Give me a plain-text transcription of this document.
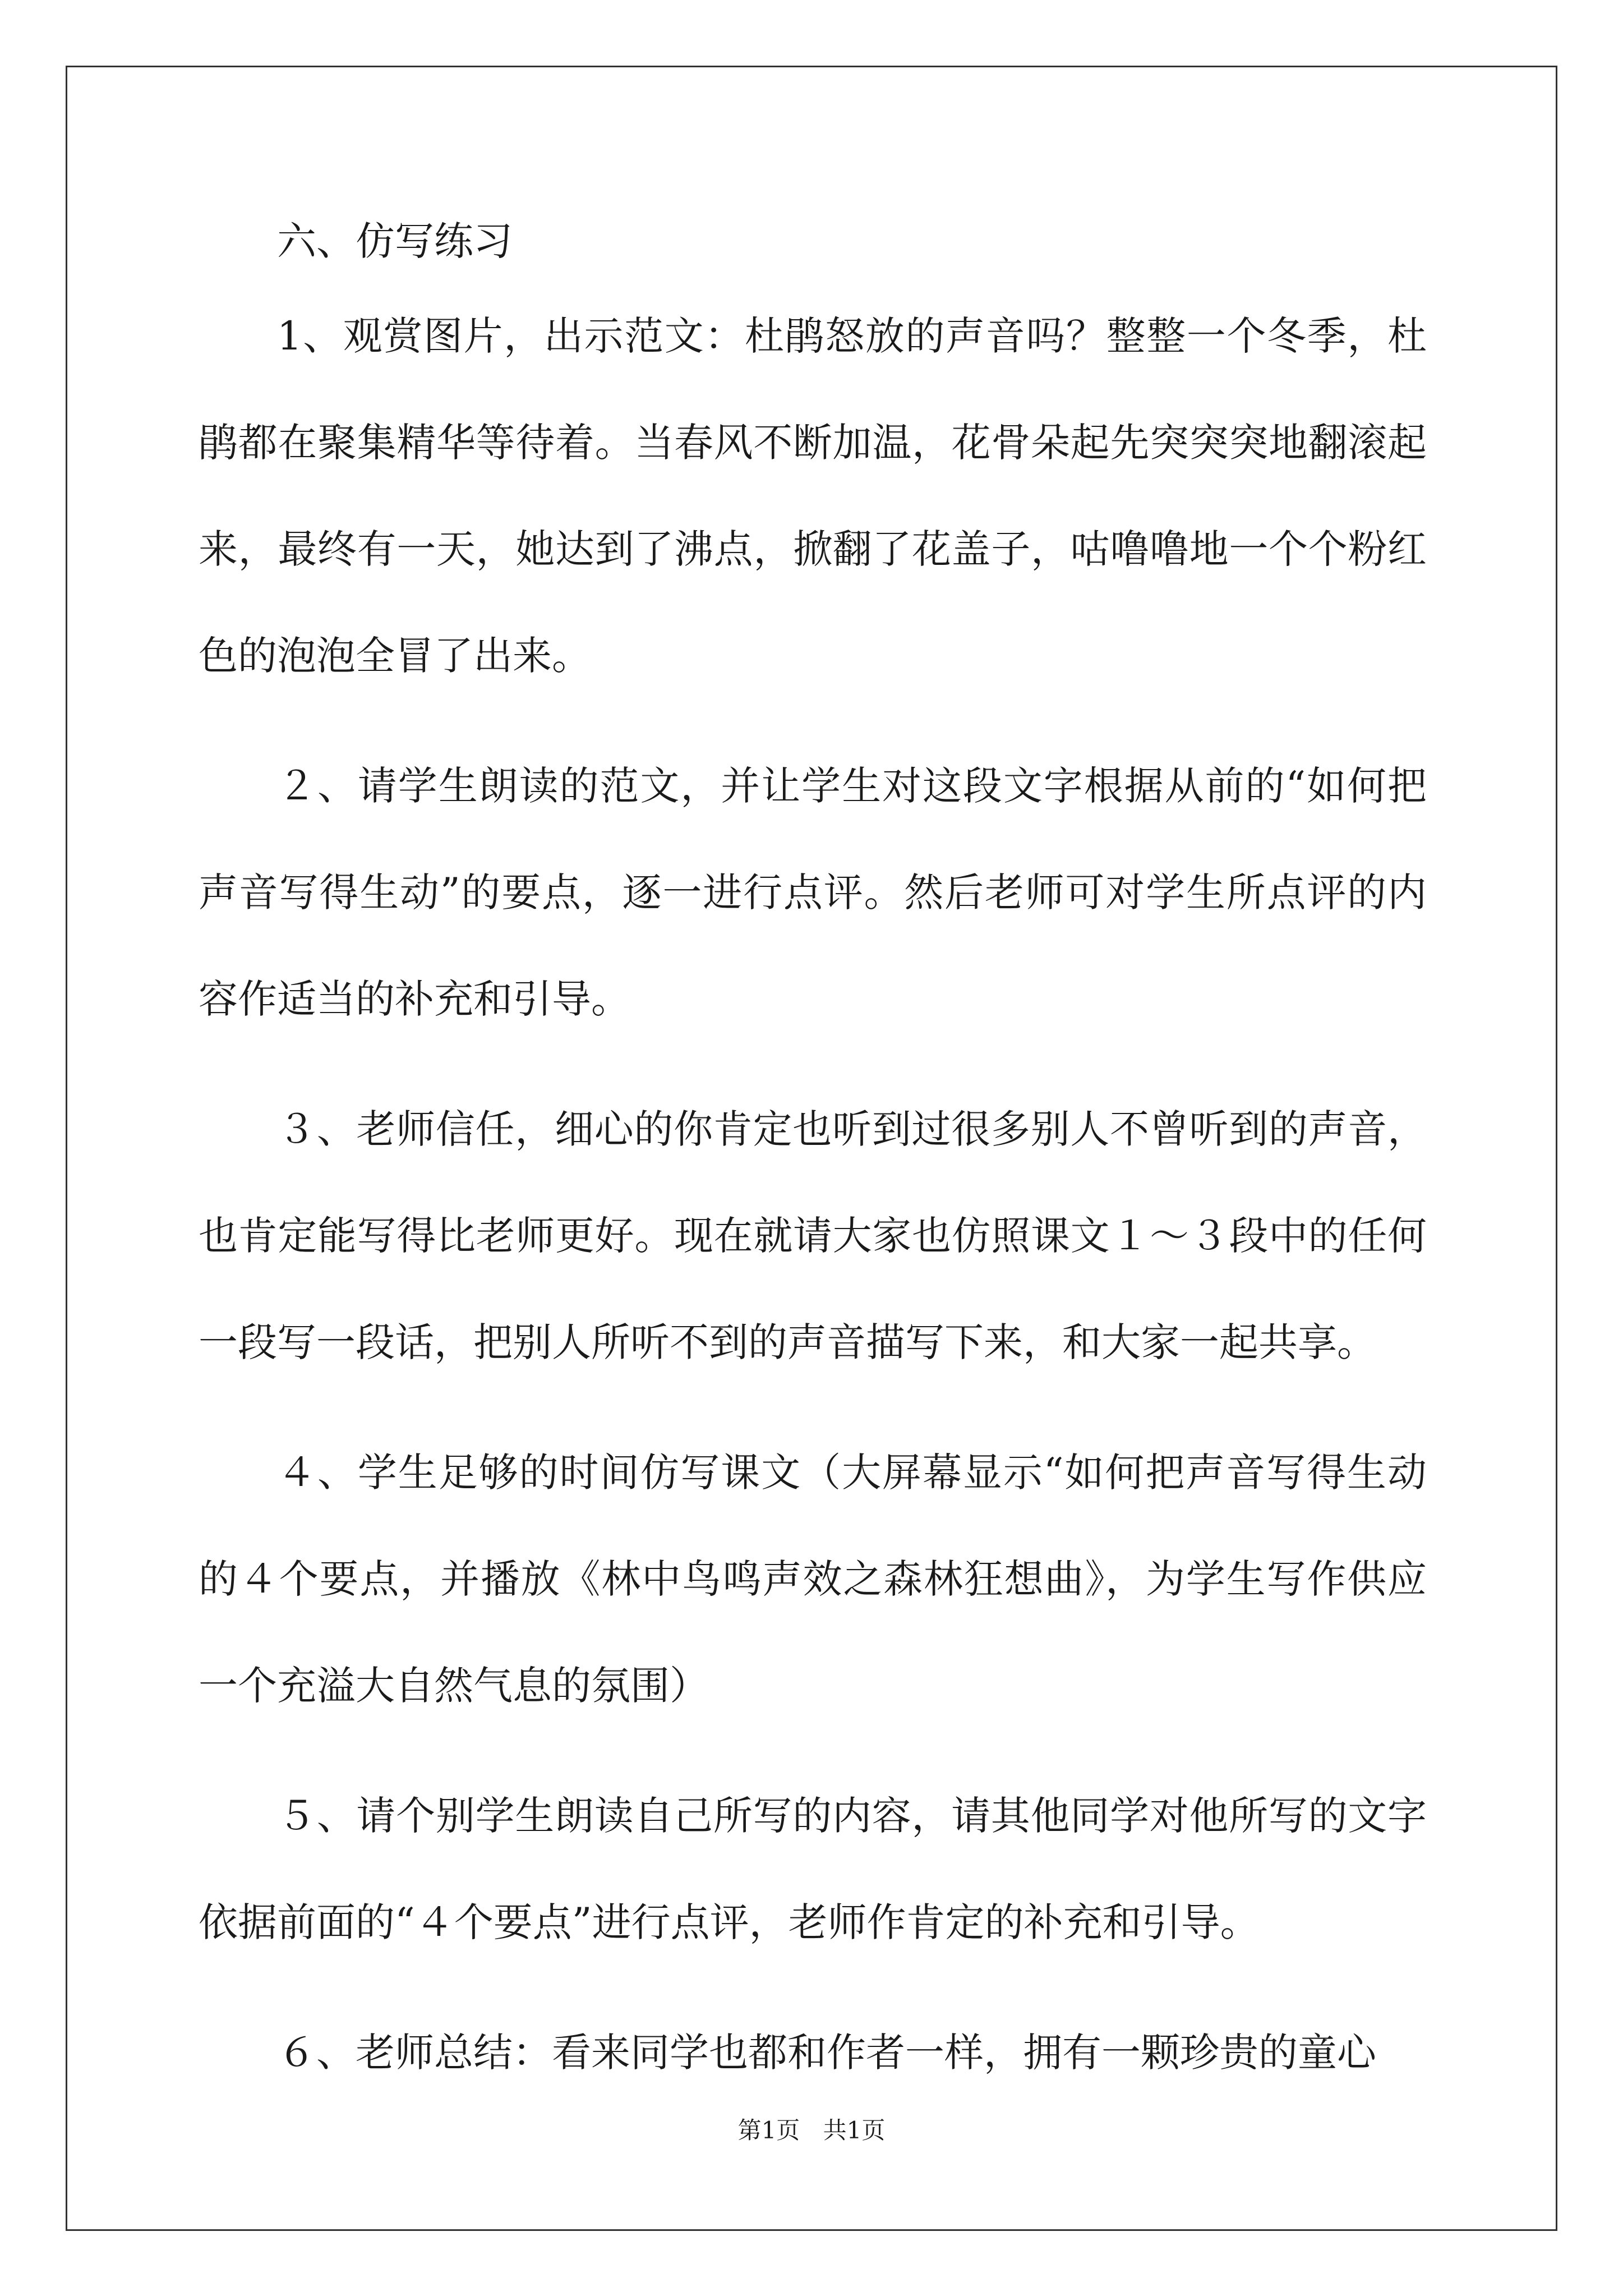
六、仿写练习

1、观赏图片，出示范文：杜鹃怒放的声音吗？整整一个冬季，杜鹃都在聚集精华等待着。当春风不断加温，花骨朵起先突突突地翻滚起来，最终有一天，她达到了沸点，掀翻了花盖子，咕噜噜地一个个粉红色的泡泡全冒了出来。

２、请学生朗读的范文，并让学生对这段文字根据从前的“如何把声音写得生动”的要点，逐一进行点评。然后老师可对学生所点评的内容作适当的补充和引导。

３、老师信任，细心的你肯定也听到过很多别人不曾听到的声音，也肯定能写得比老师更好。现在就请大家也仿照课文１～３段中的任何一段写一段话，把别人所听不到的声音描写下来，和大家一起共享。

４、学生足够的时间仿写课文（大屏幕显示“如何把声音写得生动的４个要点，并播放《林中鸟鸣声效之森林狂想曲》，为学生写作供应一个充溢大自然气息的氛围）

５、请个别学生朗读自己所写的内容，请其他同学对他所写的文字依据前面的“４个要点”进行点评，老师作肯定的补充和引导。

６、老师总结：看来同学也都和作者一样，拥有一颗珍贵的童心

第1页 共1页
